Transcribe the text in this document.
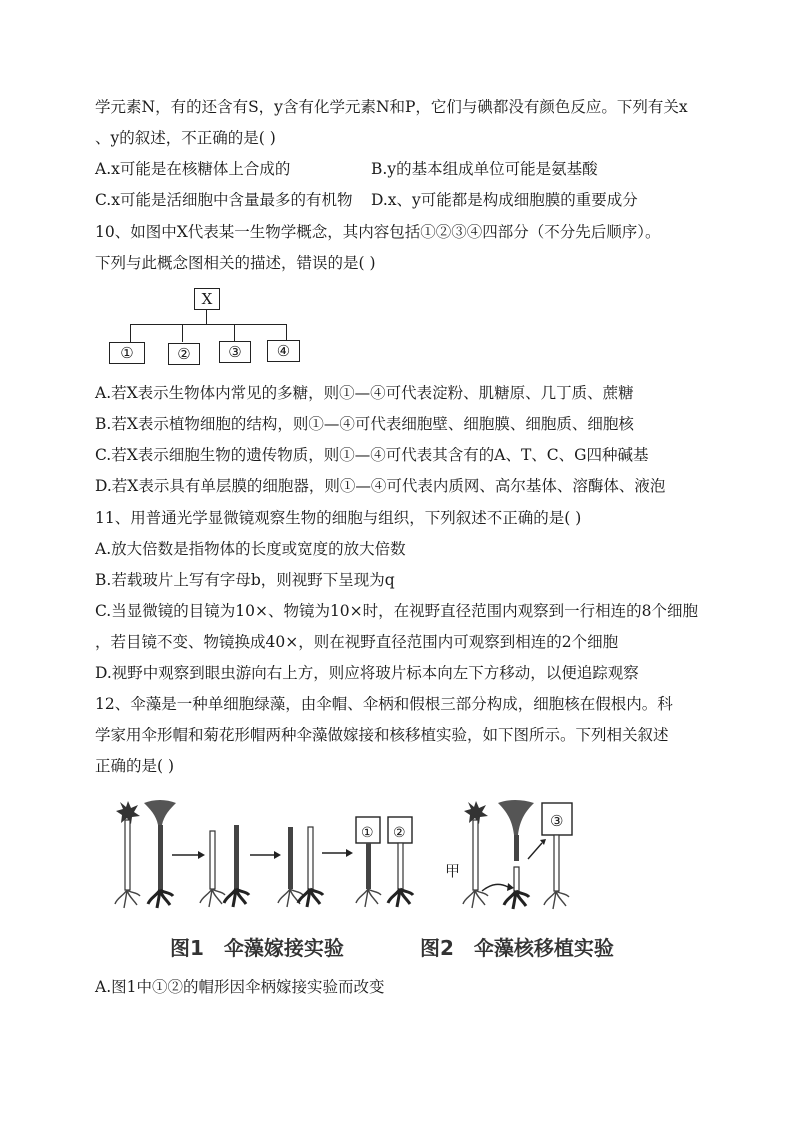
学元素N，有的还含有S，y含有化学元素N和P，它们与碘都没有颜色反应。下列有关x
、y的叙述，不正确的是( )
A.x可能是在核糖体上合成的	B.y的基本组成单位可能是氨基酸
C.x可能是活细胞中含量最多的有机物	D.x、y可能都是构成细胞膜的重要成分
10、如图中X代表某一生物学概念，其内容包括①②③④四部分（不分先后顺序）。
下列与此概念图相关的描述，错误的是( )
X
①	②	③	④
A.若X表示生物体内常见的多糖，则①—④可代表淀粉、肌糖原、几丁质、蔗糖
B.若X表示植物细胞的结构，则①—④可代表细胞壁、细胞膜、细胞质、细胞核
C.若X表示细胞生物的遗传物质，则①—④可代表其含有的A、T、C、G四种碱基
D.若X表示具有单层膜的细胞器，则①—④可代表内质网、高尔基体、溶酶体、液泡
11、用普通光学显微镜观察生物的细胞与组织，下列叙述不正确的是( )
A.放大倍数是指物体的长度或宽度的放大倍数
B.若载玻片上写有字母b，则视野下呈现为q
C.当显微镜的目镜为10×、物镜为10×时，在视野直径范围内观察到一行相连的8个细胞
，若目镜不变、物镜换成40×，则在视野直径范围内可观察到相连的2个细胞
D.视野中观察到眼虫游向右上方，则应将玻片标本向左下方移动，以便追踪观察
12、伞藻是一种单细胞绿藻，由伞帽、伞柄和假根三部分构成，细胞核在假根内。科
学家用伞形帽和菊花形帽两种伞藻做嫁接和核移植实验，如下图所示。下列相关叙述
正确的是( )
① ②
甲
③
图1　伞藻嫁接实验	图2　伞藻核移植实验
A.图1中①②的帽形因伞柄嫁接实验而改变
